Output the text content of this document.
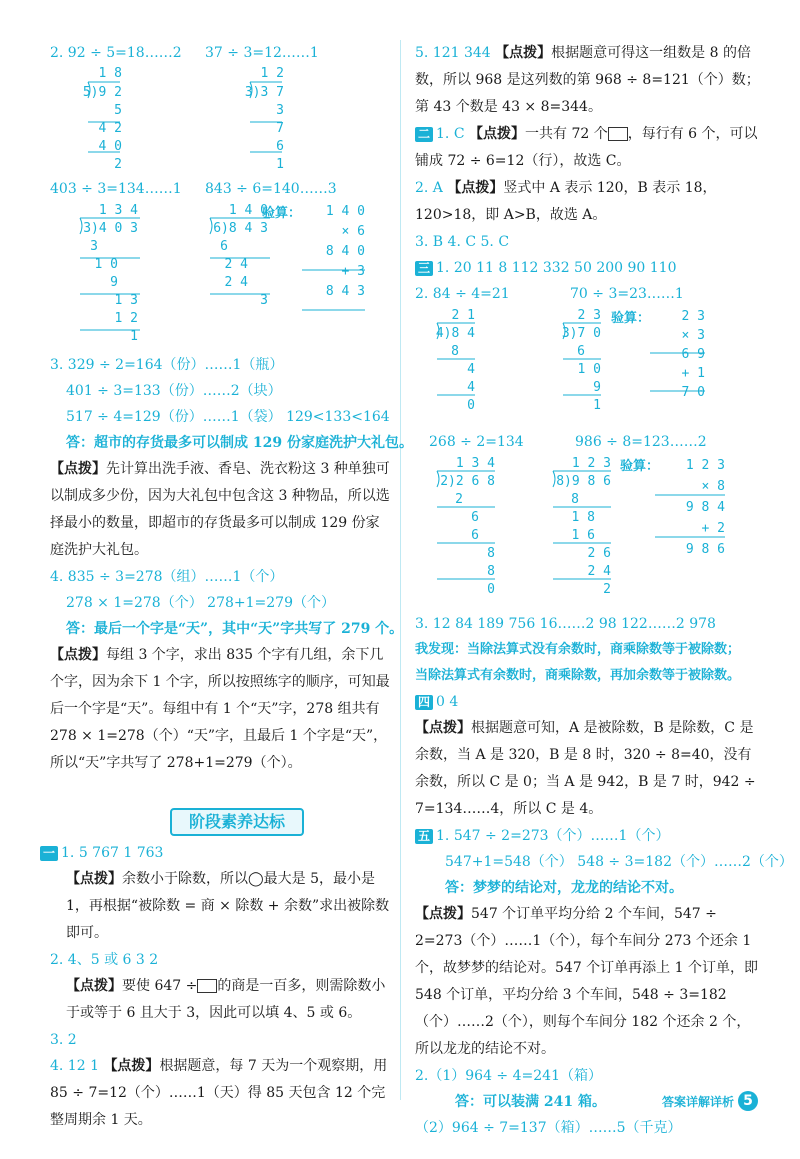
2. 92 ÷ 5=18……2 37 ÷ 3=12……1
1 8
5)9 2
5
4 2
4 0
2
1 2
3)3 7
3
7
6
1
403 ÷ 3=134……1 843 ÷ 6=140……3
1 3 4
3)4 0 3
3
1 0
9
1 3
1 2
1
1 4 0
6)8 4 3
6
2 4
2 4
3
1 4 0
× 6
8 4 0
+ 3
8 4 3
验算：
3. 329 ÷ 2=164（份）……1（瓶）
401 ÷ 3=133（份）……2（块）
517 ÷ 4=129（份）……1（袋） 129<133<164
答：超市的存货最多可以制成 129 份家庭洗护大礼包。
【点拨】先计算出洗手液、香皂、洗衣粉这 3 种单独可以制成多少份，因为大礼包中包含这 3 种物品，所以选择最小的数量，即超市的存货最多可以制成 129 份家庭洗护大礼包。
4. 835 ÷ 3=278（组）……1（个）
278 × 1=278（个） 278+1=279（个）
答：最后一个字是“天”，其中“天”字共写了 279 个。
【点拨】每组 3 个字，求出 835 个字有几组，余下几个字，因为余下 1 个字，所以按照练字的顺序，可知最后一个字是“天”。每组中有 1 个“天”字，278 组共有 278 × 1=278（个）“天”字，且最后 1 个字是“天”，所以“天”字共写了 278+1=279（个）。
阶段素养达标
一 1. 5 767 1 763
【点拨】余数小于除数，所以◯最大是 5，最小是 1，再根据“被除数 = 商 × 除数 + 余数”求出被除数即可。
2. 4、5 或 6 3 2
【点拨】要使 647 ÷ 的商是一百多，则需除数小于或等于 6 且大于 3，因此可以填 4、5 或 6。
3. 2
4. 12 1 【点拨】根据题意，每 7 天为一个观察期，用 85 ÷ 7=12（个）……1（天）得 85 天包含 12 个完整周期余 1 天。
5. 121 344 【点拨】根据题意可得这一组数是 8 的倍数，所以 968 是这列数的第 968 ÷ 8=121（个）数；第 43 个数是 43 × 8=344。
二 1. C 【点拨】一共有 72 个 ，每行有 6 个，可以铺成 72 ÷ 6=12（行），故选 C。
2. A 【点拨】竖式中 A 表示 120，B 表示 18，120>18，即 A>B，故选 A。
3. B 4. C 5. C
三 1. 20 11 8 112 332 50 200 90 110
2. 84 ÷ 4=21	70 ÷ 3=23……1
2 1
4)8 4
8
4
4
0
2 3
3)7 0
6
1 0
9
1
验算：	2 3
× 3
6 9
+ 1
7 0
268 ÷ 2=134	986 ÷ 8=123……2
1 3 4
2)2 6 8
2
6
6
8
8
0
1 2 3
8)9 8 6
8
1 8
1 6
2 6
2 4
2
验算：	1 2 3
× 8
9 8 4
+ 2
9 8 6
3. 12 84 189 756 16……2 98 122……2 978
我发现：当除法算式没有余数时，商乘除数等于被除数；
当除法算式有余数时，商乘除数，再加余数等于被除数。
四 0 4
【点拨】根据题意可知，A 是被除数，B 是除数，C 是余数，当 A 是 320，B 是 8 时，320 ÷ 8=40，没有余数，所以 C 是 0；当 A 是 942，B 是 7 时，942 ÷ 7=134……4，所以 C 是 4。
五 1. 547 ÷ 2=273（个）……1（个）
547+1=548（个） 548 ÷ 3=182（个）……2（个）
答：梦梦的结论对，龙龙的结论不对。
【点拨】547 个订单平均分给 2 个车间，547 ÷ 2=273（个）……1（个），每个车间分 273 个还余 1 个，故梦梦的结论对。547 个订单再添上 1 个订单，即 548 个订单，平均分给 3 个车间，548 ÷ 3=182（个）……2（个），则每个车间分 182 个还余 2 个，所以龙龙的结论不对。
2.（1）964 ÷ 4=241（箱）
答：可以装满 241 箱。
（2）964 ÷ 7=137（箱）……5（千克）
答案详解详析 5
